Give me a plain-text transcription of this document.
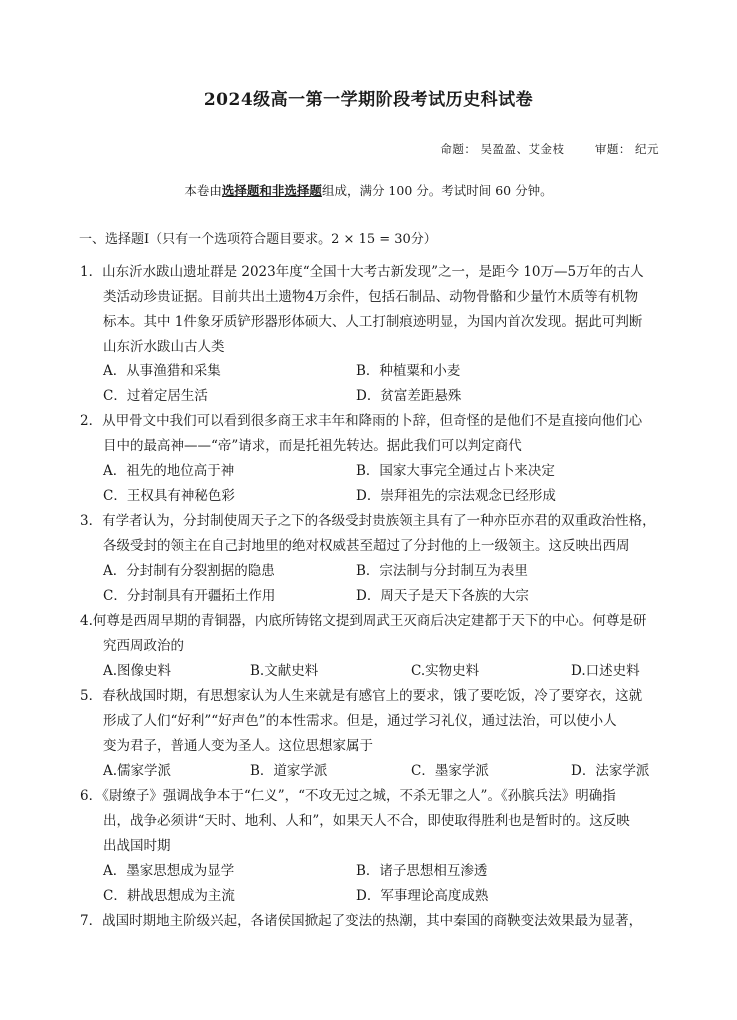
2024级高一第一学期阶段考试历史科试卷
命题： 吴盈盈、艾金枝	审题： 纪元
本卷由选择题和非选择题组成，满分 100 分。考试时间 60 分钟。
一、选择题Ⅰ（只有一个选项符合题目要求。2 × 15 = 30分）
1．山东沂水跋山遗址群是 2023年度“全国十大考古新发现”之一，是距今 10万—5万年的古人
类活动珍贵证据。目前共出土遗物4万余件，包括石制品、动物骨骼和少量竹木质等有机物
标本。其中 1件象牙质铲形器形体硕大、人工打制痕迹明显，为国内首次发现。据此可判断
山东沂水跋山古人类
A．从事渔猎和采集	B．种植粟和小麦
C．过着定居生活	D．贫富差距悬殊
2．从甲骨文中我们可以看到很多商王求丰年和降雨的卜辞，但奇怪的是他们不是直接向他们心
目中的最高神——“帝”请求，而是托祖先转达。据此我们可以判定商代
A．祖先的地位高于神	B．国家大事完全通过占卜来决定
C．王权具有神秘色彩	D．崇拜祖先的宗法观念已经形成
3．有学者认为，分封制使周天子之下的各级受封贵族领主具有了一种亦臣亦君的双重政治性格，
各级受封的领主在自己封地里的绝对权威甚至超过了分封他的上一级领主。这反映出西周
A．分封制有分裂割据的隐患	B．宗法制与分封制互为表里
C．分封制具有开疆拓土作用	D．周天子是天下各族的大宗
4.何尊是西周早期的青铜器，内底所铸铭文提到周武王灭商后决定建都于天下的中心。何尊是研
究西周政治的
A.图像史料	B.文献史料	C.实物史料	D.口述史料
5．春秋战国时期，有思想家认为人生来就是有感官上的要求，饿了要吃饭，冷了要穿衣，这就
形成了人们“好利”“好声色”的本性需求。但是，通过学习礼仪，通过法治，可以使小人
变为君子，普通人变为圣人。这位思想家属于
A.儒家学派	B．道家学派	C．墨家学派	D．法家学派
6．《尉缭子》强调战争本于“仁义”，“不攻无过之城，不杀无罪之人”。《孙膑兵法》明确指
出，战争必须讲“天时、地利、人和”，如果天人不合，即使取得胜利也是暂时的。这反映
出战国时期
A．墨家思想成为显学	B．诸子思想相互渗透
C．耕战思想成为主流	D．军事理论高度成熟
7．战国时期地主阶级兴起，各诸侯国掀起了变法的热潮，其中秦国的商鞅变法效果最为显著，
